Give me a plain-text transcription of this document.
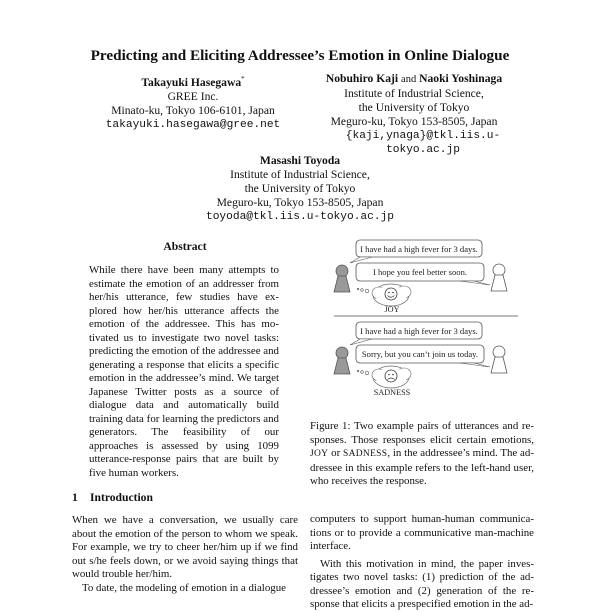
Predicting and Eliciting Addressee’s Emotion in Online Dialogue
Takayuki Hasegawa*
GREE Inc.
Minato-ku, Tokyo 106-6101, Japan
takayuki.hasegawa@gree.net
Nobuhiro Kaji and Naoki Yoshinaga
Institute of Industrial Science,
the University of Tokyo
Meguro-ku, Tokyo 153-8505, Japan
{kaji,ynaga}@tkl.iis.u-tokyo.ac.jp
Masashi Toyoda
Institute of Industrial Science,
the University of Tokyo
Meguro-ku, Tokyo 153-8505, Japan
toyoda@tkl.iis.u-tokyo.ac.jp
Abstract
While there have been many attempts to estimate the emotion of an addresser from her/his utterance, few studies have explored how her/his utterance affects the emotion of the addressee. This has motivated us to investigate two novel tasks: predicting the emotion of the addressee and generating a response that elicits a specific emotion in the addressee’s mind. We target Japanese Twitter posts as a source of dialogue data and automatically build training data for learning the predictors and generators. The feasibility of our approaches is assessed by using 1099 utterance-response pairs that are built by five human workers.
1 Introduction

When we have a conversation, we usually care about the emotion of the person to whom we speak. For example, we try to cheer her/him up if we find out s/he feels down, or we avoid saying things that would trouble her/him.

To date, the modeling of emotion in a dialogue

computers to support human-human communications or to provide a communicative man-machine interface.

With this motivation in mind, the paper investigates two novel tasks: (1) prediction of the addressee’s emotion and (2) generation of the response that elicits a prespecified emotion in the ad-

I have had a high fever for 3 days.
I hope you feel better soon.
JOY
I have had a high fever for 3 days.
Sorry, but you can’t join us today.
SADNESS
Figure 1: Two example pairs of utterances and responses. Those responses elicit certain emotions, JOY or SADNESS, in the addressee’s mind. The addressee in this example refers to the left-hand user, who receives the response.
